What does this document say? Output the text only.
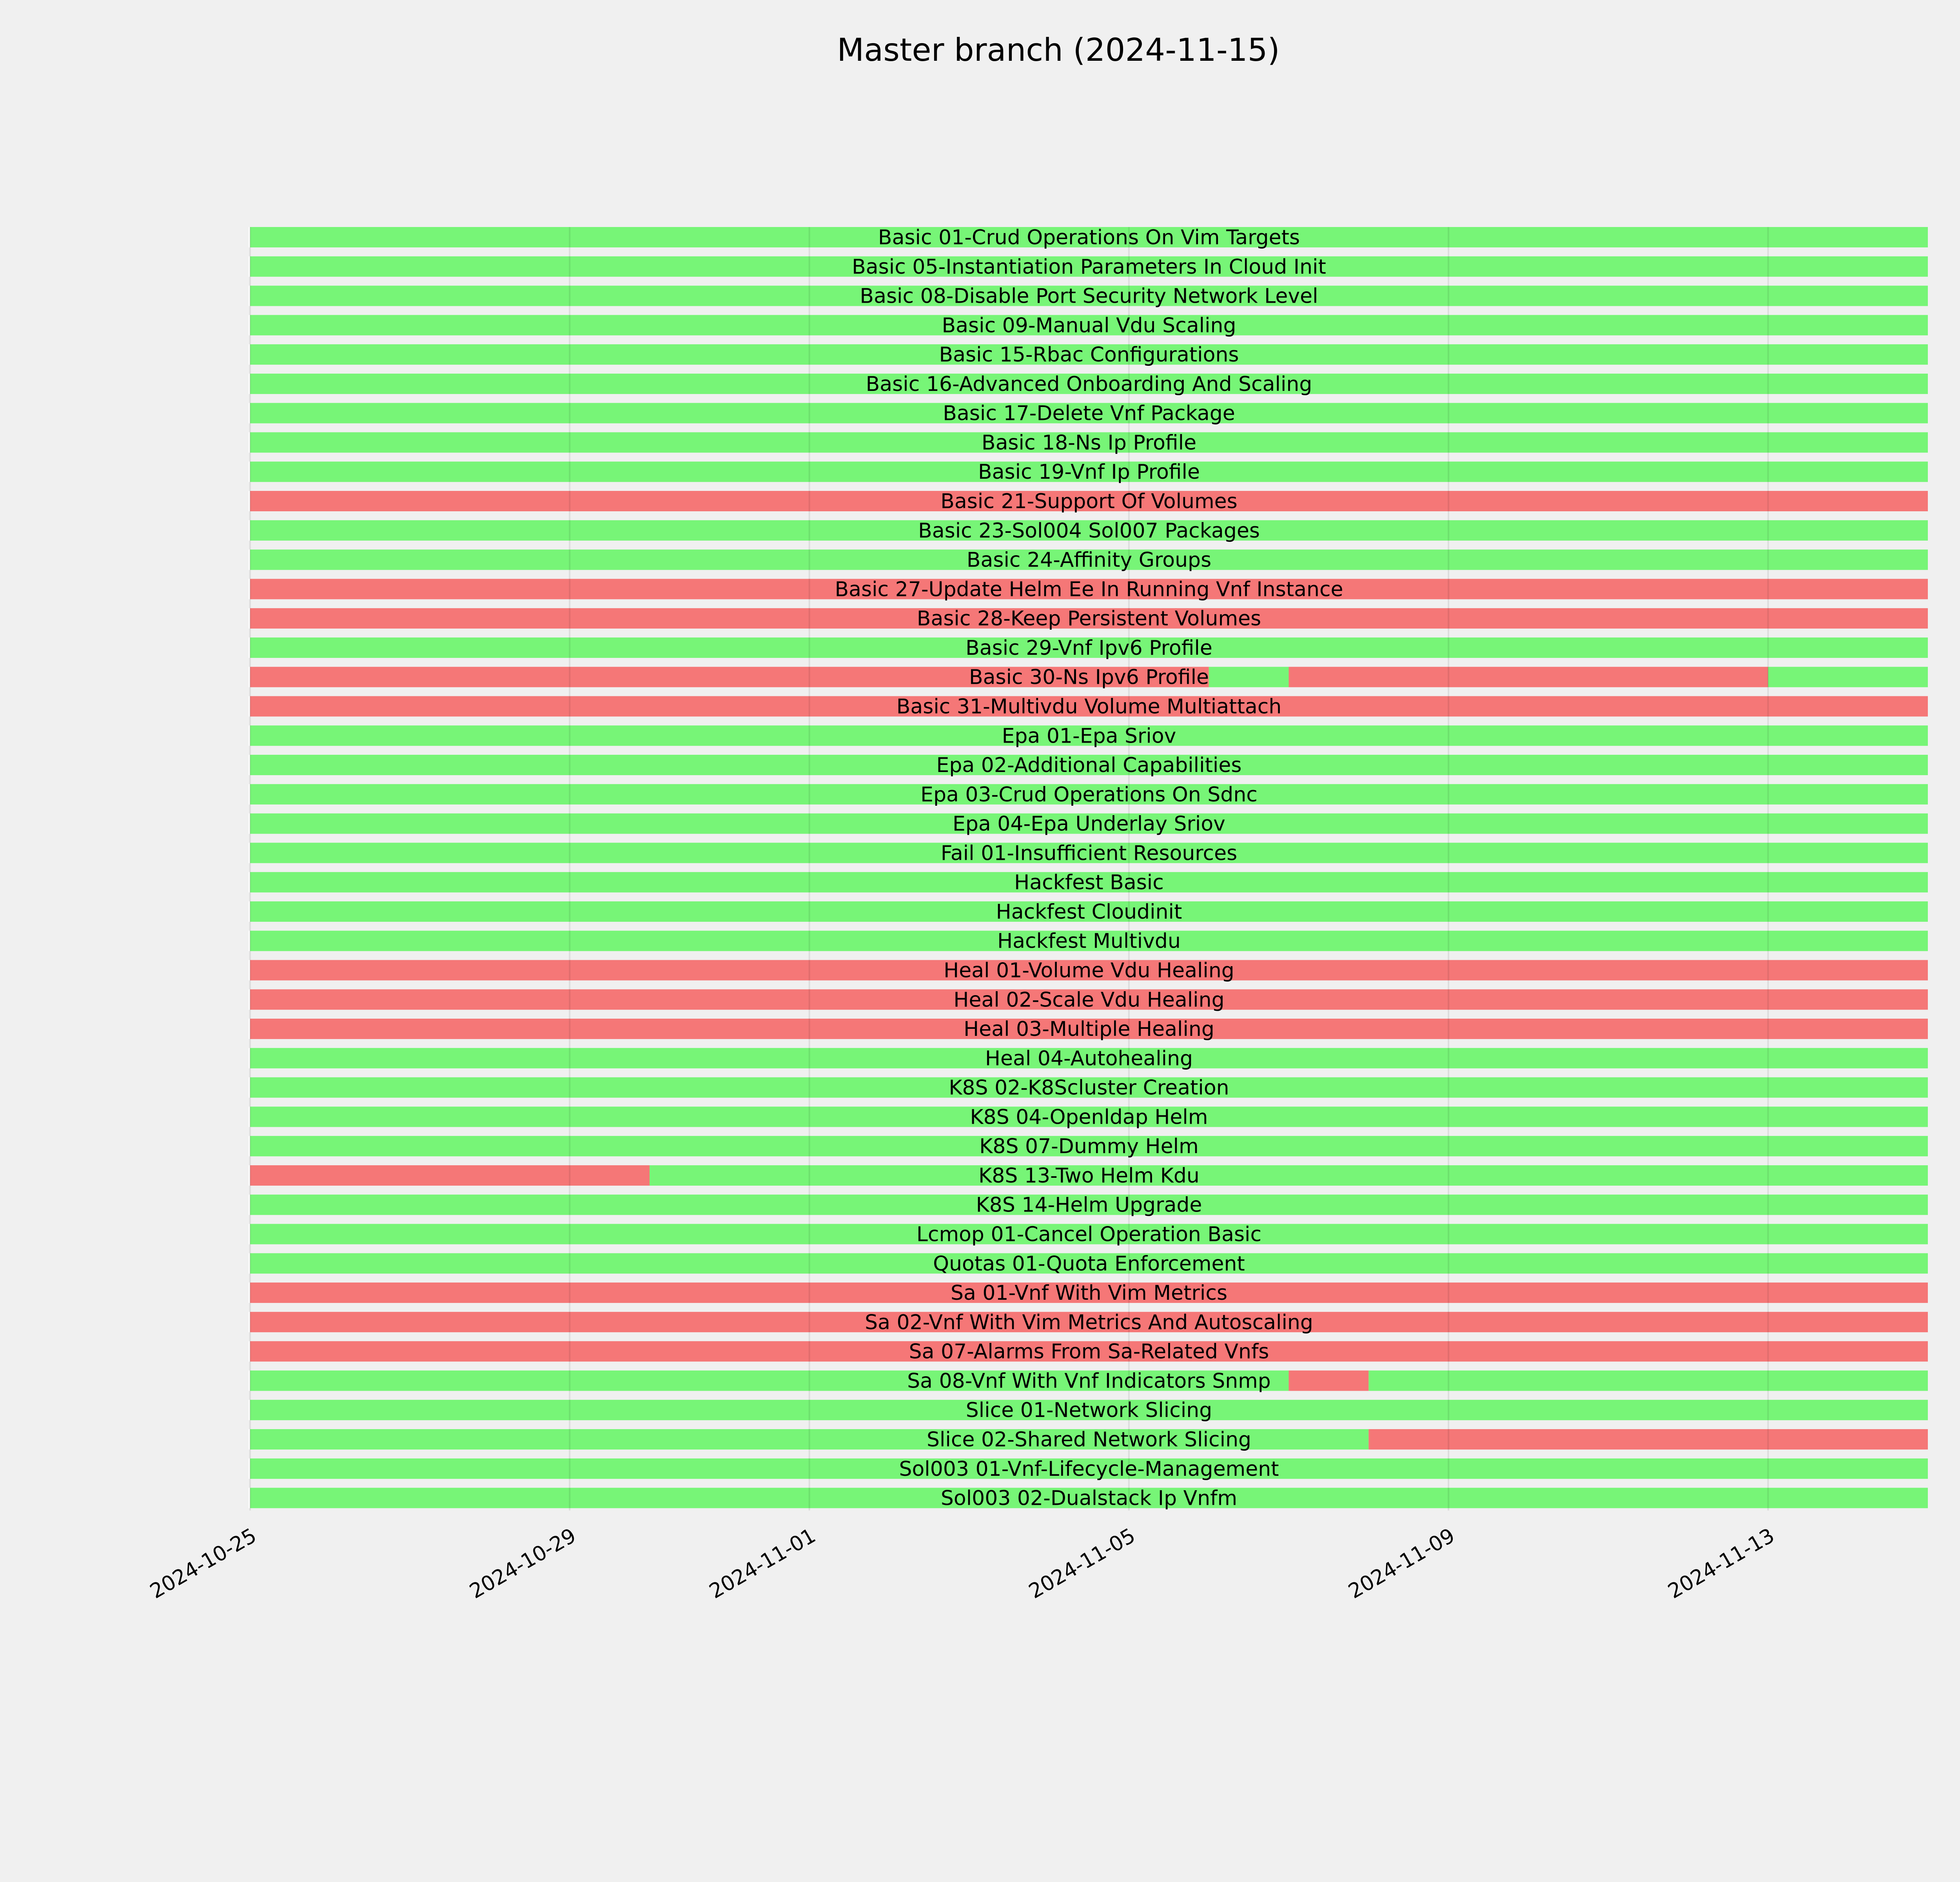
Master branch (2024-11-15)
Basic 01-Crud Operations On Vim Targets
Basic 05-Instantiation Parameters In Cloud Init
Basic 08-Disable Port Security Network Level
Basic 09-Manual Vdu Scaling
Basic 15-Rbac Configurations
Basic 16-Advanced Onboarding And Scaling
Basic 17-Delete Vnf Package
Basic 18-Ns Ip Profile
Basic 19-Vnf Ip Profile
Basic 21-Support Of Volumes
Basic 23-Sol004 Sol007 Packages
Basic 24-Affinity Groups
Basic 27-Update Helm Ee In Running Vnf Instance
Basic 28-Keep Persistent Volumes
Basic 29-Vnf Ipv6 Profile
Basic 30-Ns Ipv6 Profile
Basic 31-Multivdu Volume Multiattach
Epa 01-Epa Sriov
Epa 02-Additional Capabilities
Epa 03-Crud Operations On Sdnc
Epa 04-Epa Underlay Sriov
Fail 01-Insufficient Resources
Hackfest Basic
Hackfest Cloudinit
Hackfest Multivdu
Heal 01-Volume Vdu Healing
Heal 02-Scale Vdu Healing
Heal 03-Multiple Healing
Heal 04-Autohealing
K8S 02-K8Scluster Creation
K8S 04-Openldap Helm
K8S 07-Dummy Helm
K8S 13-Two Helm Kdu
K8S 14-Helm Upgrade
Lcmop 01-Cancel Operation Basic
Quotas 01-Quota Enforcement
Sa 01-Vnf With Vim Metrics
Sa 02-Vnf With Vim Metrics And Autoscaling
Sa 07-Alarms From Sa-Related Vnfs
Sa 08-Vnf With Vnf Indicators Snmp
Slice 01-Network Slicing
Slice 02-Shared Network Slicing
Sol003 01-Vnf-Lifecycle-Management
Sol003 02-Dualstack Ip Vnfm
2024-10-25	2024-10-29	2024-11-01	2024-11-05	2024-11-09	2024-11-13
